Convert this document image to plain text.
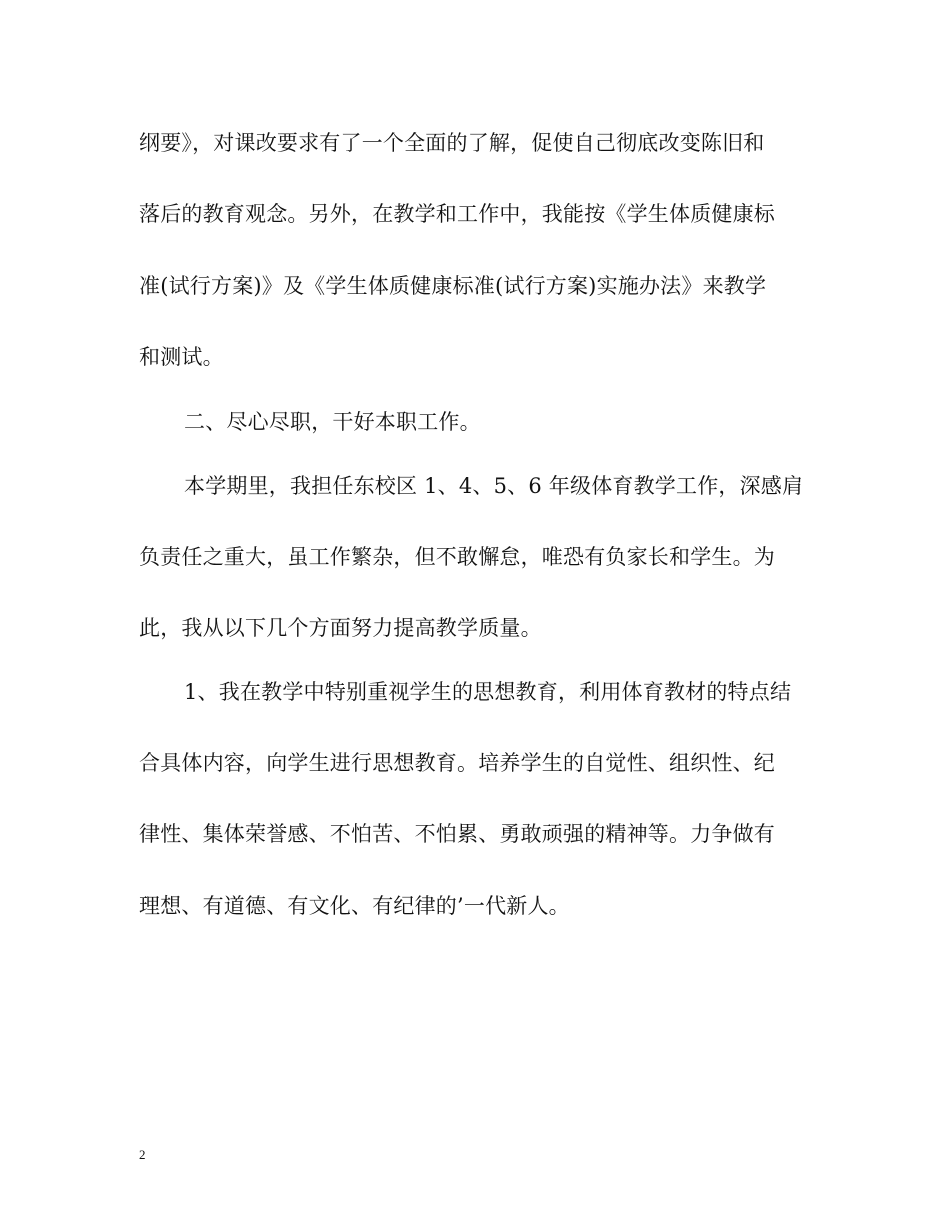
纲要》，对课改要求有了一个全面的了解，促使自己彻底改变陈旧和
落后的教育观念。另外，在教学和工作中，我能按《学生体质健康标
准(试行方案)》及《学生体质健康标准(试行方案)实施办法》来教学
和测试。
二、尽心尽职，干好本职工作。
本学期里，我担任东校区 1、4、5、6 年级体育教学工作，深感肩
负责任之重大，虽工作繁杂，但不敢懈怠，唯恐有负家长和学生。为
此，我从以下几个方面努力提高教学质量。
1、我在教学中特别重视学生的思想教育，利用体育教材的特点结
合具体内容，向学生进行思想教育。培养学生的自觉性、组织性、纪
律性、集体荣誉感、不怕苦、不怕累、勇敢顽强的精神等。力争做有
理想、有道德、有文化、有纪律的’一代新人。
2
